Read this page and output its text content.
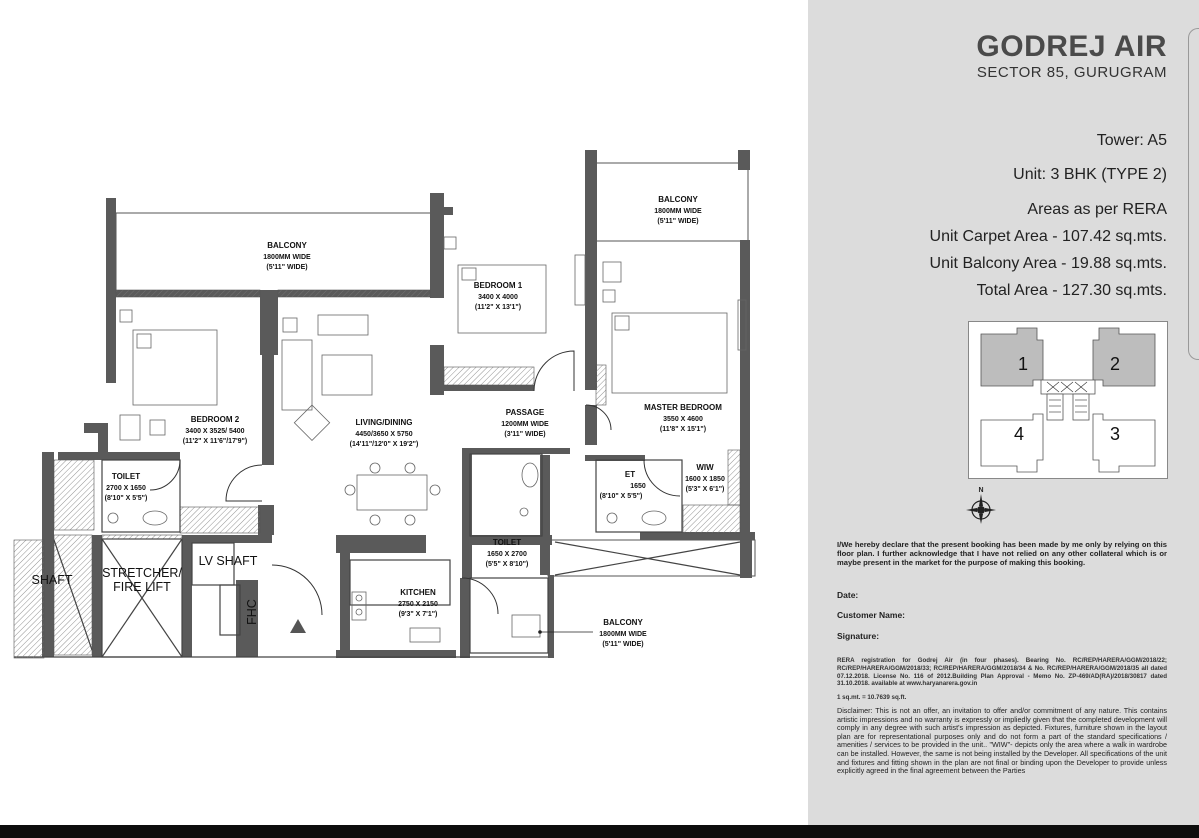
BALCONY
1800MM WIDE
(5'11" WIDE)
BALCONY
1800MM WIDE
(5'11" WIDE)
BEDROOM 1
3400 X 4000
(11'2" X 13'1")
BEDROOM 2
3400 X 3525/ 5400
(11'2" X 11'6"/17'9")
LIVING/DINING
4450/3650 X 5750
(14'11"/12'0" X 19'2")
PASSAGE
1200MM WIDE
(3'11" WIDE)
MASTER BEDROOM
3550 X 4600
(11'8" X 15'1")
TOILET
2700 X 1650
(8'10" X 5'5")
ET
1650
(8'10" X 5'5")
WIW
1600 X 1850
(5'3" X 6'1")
TOILET
1650 X 2700
(5'5" X 8'10")
KITCHEN
2750 X 2150
(9'3" X 7'1")
BALCONY
1800MM WIDE
(5'11" WIDE)
SHAFT STRETCHER/
FIRE LIFT
LV SHAFT
FHC
GODREJ AIR
SECTOR 85, GURUGRAM
Tower: A5
Unit: 3 BHK (TYPE 2)
Areas as per RERA
Unit Carpet Area - 107.42 sq.mts.
Unit Balcony Area - 19.88 sq.mts.
Total Area - 127.30 sq.mts.
1	2
3
4
N
I/We hereby declare that the present booking has been made by me only by relying on this floor plan. I further acknowledge that I have not relied on any other collateral which is or maybe present in the market for the purpose of making this booking.
Date:
Customer Name:
Signature:
RERA registration for Godrej Air (in four phases). Bearing No. RC/REP/HARERA/GGM/2018/22; RC/REP/HARERA/GGM/2018/33; RC/REP/HARERA/GGM/2018/34 & No. RC/REP/HARERA/GGM/2018/35 all dated 07.12.2018. License No. 116 of 2012.Building Plan Approval - Memo No. ZP-469/AD(RA)/2018/30817 dated 31.10.2018. available at www.haryanarera.gov.in
1 sq.mt. = 10.7639 sq.ft.
Disclaimer: This is not an offer, an invitation to offer and/or commitment of any nature. This contains artistic impressions and no warranty is expressly or impliedly given that the completed development will comply in any degree with such artist's impression as depicted. Fixtures, furniture shown in the layout plan are for representational purposes only and do not form a part of the standard specifications / amenities / services to be provided in the unit.. "WIW"- depicts only the area where a walk in wardrobe can be installed. However, the same is not being installed by the Developer. All specifications of the unit and fixtures and fitting shown in the plan are not final or binding upon the Developer to provide unless explicitly agreed in the final agreement between the Parties
